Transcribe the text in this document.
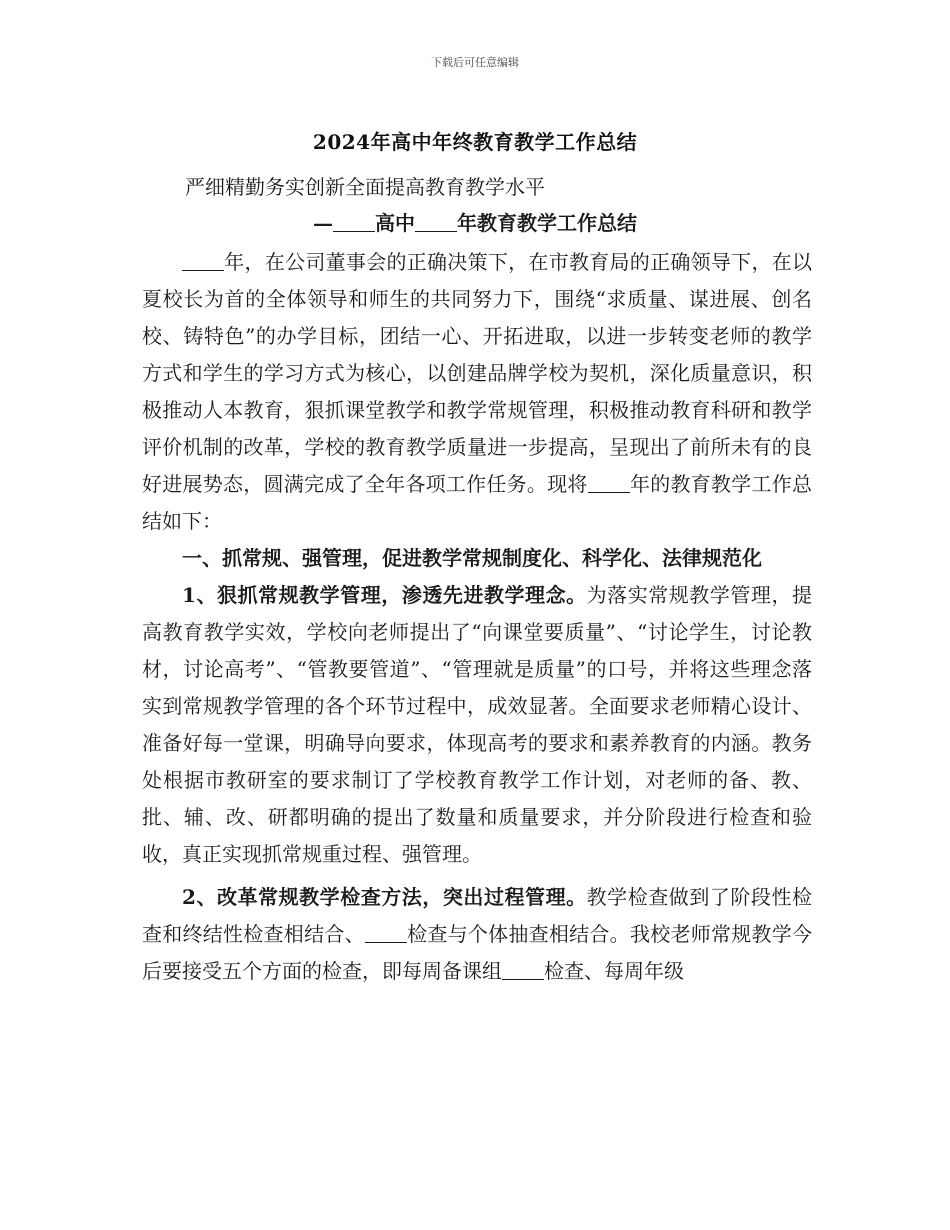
下载后可任意编辑
2024年高中年终教育教学工作总结
严细精勤务实创新全面提高教育教学水平
— 高中 年教育教学工作总结

年，在公司董事会的正确决策下，在市教育局的正确领导下，在以夏校长为首的全体领导和师生的共同努力下，围绕“求质量、谋进展、创名校、铸特色”的办学目标，团结一心、开拓进取，以进一步转变老师的教学方式和学生的学习方式为核心，以创建品牌学校为契机，深化质量意识，积极推动人本教育，狠抓课堂教学和教学常规管理，积极推动教育科研和教学评价机制的改革，学校的教育教学质量进一步提高，呈现出了前所未有的良好进展势态，圆满完成了全年各项工作任务。现将 年的教育教学工作总结如下：

一、抓常规、强管理，促进教学常规制度化、科学化、法律规范化

1、狠抓常规教学管理，渗透先进教学理念。为落实常规教学管理，提高教育教学实效，学校向老师提出了“向课堂要质量”、“讨论学生，讨论教材，讨论高考”、“管教要管道”、“管理就是质量”的口号，并将这些理念落实到常规教学管理的各个环节过程中，成效显著。全面要求老师精心设计、准备好每一堂课，明确导向要求，体现高考的要求和素养教育的内涵。教务处根据市教研室的要求制订了学校教育教学工作计划，对老师的备、教、批、辅、改、研都明确的提出了数量和质量要求，并分阶段进行检查和验收，真正实现抓常规重过程、强管理。

2、改革常规教学检查方法，突出过程管理。教学检查做到了阶段性检查和终结性检查相结合、 检查与个体抽查相结合。我校老师常规教学今后要接受五个方面的检查，即每周备课组 检查、每周年级
